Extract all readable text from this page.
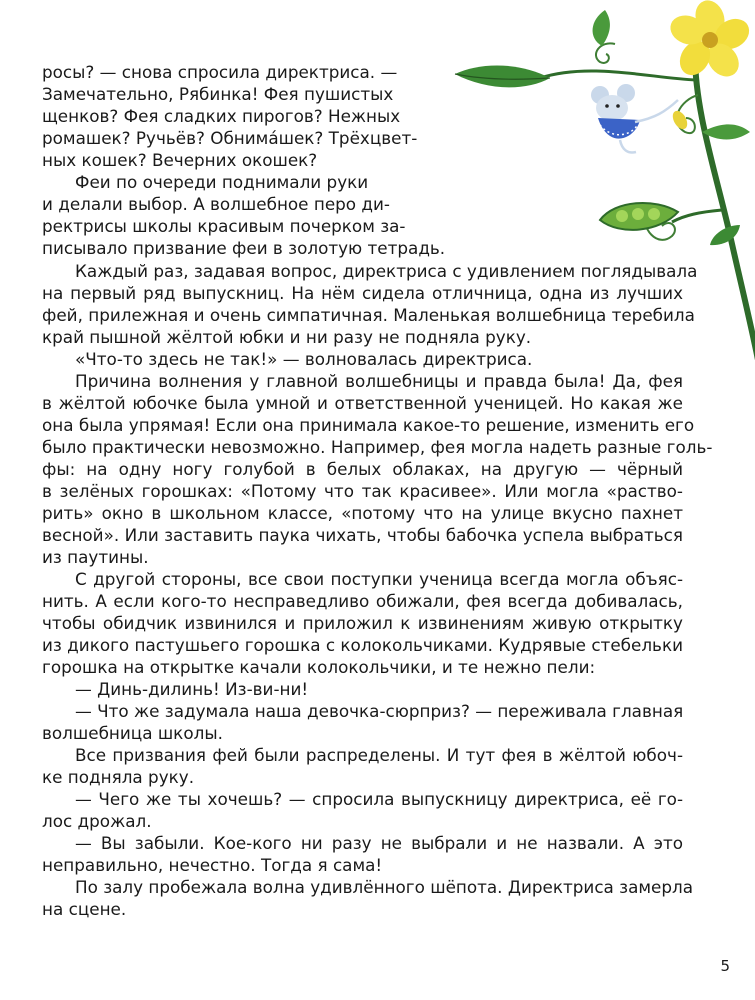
росы? — снова спросила директриса. —

Замечательно, Рябинка! Фея пушистых

щенков? Фея сладких пирогов? Нежных

ромашек? Ручьёв? Обнимáшек? Трёхцвет-

ных кошек? Вечерних окошек?

Феи по очереди поднимали руки

и делали выбор. А волшебное перо ди-

ректрисы школы красивым почерком за-

писывало призвание феи в золотую тетрадь.

Каждый раз, задавая вопрос, директриса с удивлением поглядывала

на первый ряд выпускниц. На нём сидела отличница, одна из лучших

фей, прилежная и очень симпатичная. Маленькая волшебница теребила

край пышной жёлтой юбки и ни разу не подняла руку.

«Что-то здесь не так!» — волновалась директриса.

Причина волнения у главной волшебницы и правда была! Да, фея

в жёлтой юбочке была умной и ответственной ученицей. Но какая же

она была упрямая! Если она принимала какое-то решение, изменить его

было практически невозможно. Например, фея могла надеть разные голь-

фы: на одну ногу голубой в белых облаках, на другую — чёрный

в зелёных горошках: «Потому что так красивее». Или могла «раство-

рить» окно в школьном классе, «потому что на улице вкусно пахнет

весной». Или заставить паука чихать, чтобы бабочка успела выбраться

из паутины.

С другой стороны, все свои поступки ученица всегда могла объяс-

нить. А если кого-то несправедливо обижали, фея всегда добивалась,

чтобы обидчик извинился и приложил к извинениям живую открытку

из дикого пастушьего горошка с колокольчиками. Кудрявые стебельки

горошка на открытке качали колокольчики, и те нежно пели:

— Динь-дилинь! Из-ви-ни!

— Что же задумала наша девочка-сюрприз? — переживала главная

волшебница школы.

Все призвания фей были распределены. И тут фея в жёлтой юбоч-

ке подняла руку.

— Чего же ты хочешь? — спросила выпускницу директриса, её го-

лос дрожал.

— Вы забыли. Кое-кого ни разу не выбрали и не назвали. А это

неправильно, нечестно. Тогда я сама!

По залу пробежала волна удивлённого шёпота. Директриса замерла

на сцене.

5
